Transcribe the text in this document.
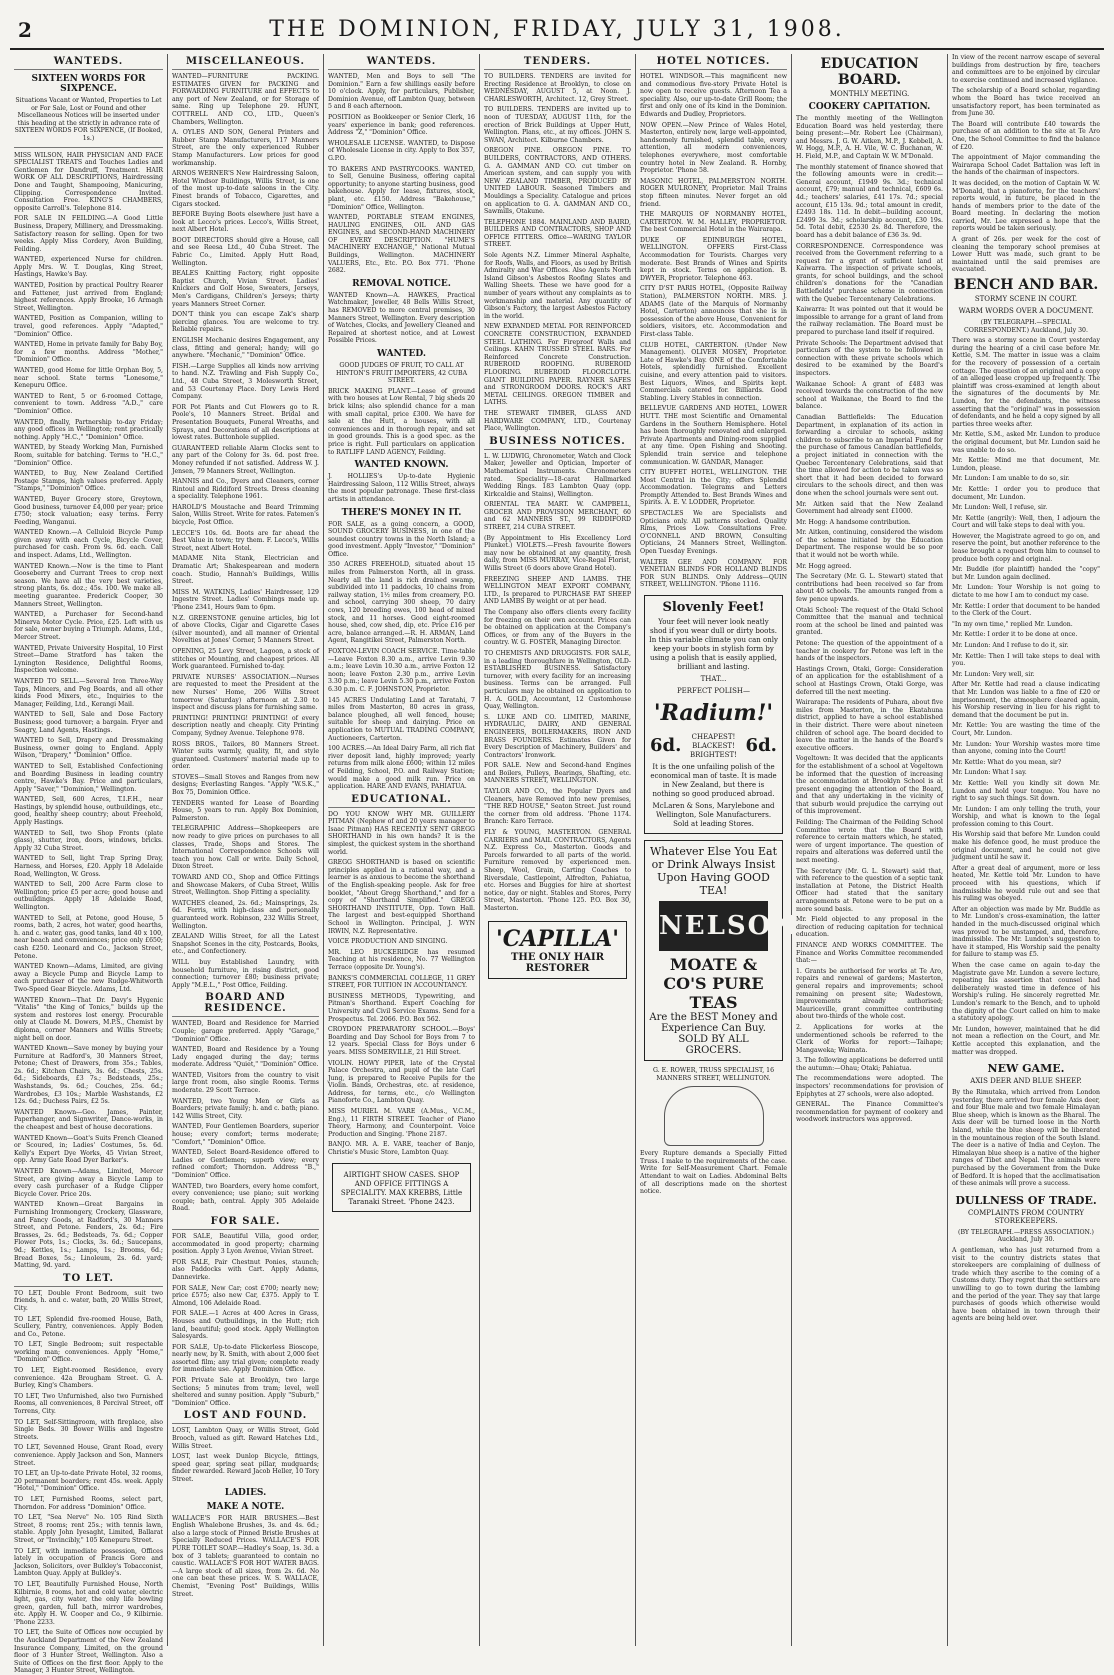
2	THE DOMINION, FRIDAY, JULY 31, 1908.
WANTEDS.
SIXTEEN WORDS FOR SIXPENCE.
Situations Vacant or Wanted, Properties to Let or For Sale, Lost or Found and other Miscellaneous Notices will be inserted under this heading at the strictly in advance rate of SIXTEEN WORDS FOR SIXPENCE, (If Booked, 1s.)
MISS WILSON, HAIR PHYSICIAN AND FACE SPECIALIST TREATS and Touches Ladies and Gentlemen for Dandruff, Treatment. HAIR WORK OF ALL DESCRIPTIONS, Hairdressing Done and Taught, Shampooing, Manicuring, Clipping. Correspondence Invited. Consultation Free. KING'S CHAMBERS, opposite Carroll's. Telephone 814.
FOR SALE IN FEILDING.—A Good Little Business, Drapery, Millinery, and Dressmaking. Satisfactory reason for selling. Open for two weeks. Apply Miss Cordery, Avon Building, Feilding.
WANTED, experienced Nurse for children. Apply Mrs. W. T. Douglas, King Street, Hastings, Hawke's Bay.
WANTED, Position by practical Poultry Rearer and Fattener, just arrived from England; highest references. Apply Brooke, 16 Armagh Street, Wellington.
WANTED, Position as Companion, willing to travel, good references. Apply "Adapted," "Dominion" Office.
WANTED, Home in private family for Baby Boy, for a few months. Address "Mother," "Dominion" Office.
WANTED, good Home for little Orphan Boy, 5, near school. State terms "Lonesome," Kenepuru Office.
WANTED to Rent, 5 or 6-roomed Cottage, convenient to town. Address "A.D.," care "Dominion" Office.
WANTED, finally, Partnership to-day Friday; any good offices in Wellington; rent practically nothing. Apply "H.C.," "Dominion" Office.
WANTED, by Steady Working Man, Furnished Room, suitable for batching. Terms to "H.C.," "Dominion" Office.
WANTED, to Buy, New Zealand Certified Postage Stamps, high values preferred. Apply "Stamps," "Dominion" Office.
WANTED, Buyer Grocery store, Greytown, Good business, turnover £4,000 per year; price £750; stock valuation; easy terms. Ferry Feeding, Wanganui.
WANTED Known.—A Celluloid Bicycle Pump given away with each Cycle, Bicycle Cover, purchased for cash. From 9s. 6d. each. Call and inspect. Adams, Ltd., Wellington.
WANTED Known.—Now is the time to Plant Gooseberry and Currant Trees to crop next season. We have all the very best varieties, strong plants, 6s. doz.; 45s. 100. We make all-meeting guarantee. Frederick Cooper, 30 Manners Street, Wellington.
WANTED, a Purchaser for Second-hand Minerva Motor Cycle. Price, £25. Left with us for sale, owner buying a Triumph. Adams, Ltd., Mercer Street.
WANTED, Private University Hospital, 10 First Street—Dame Stratford has taken the Lynington Residence, Delightful Rooms, Inspection welcome.
WANTED TO SELL.—Several Iron Three-Way Taps, Mincers, and Peg Boards, and all other kinds Food Mixers, etc., Inquiries to the Manager, Feilding, Ltd., Kerangi Mail.
WANTED to Sell, Sale and Dose Factory Business; good turnover; a bargain. Fryer and Seagry, Land Agents, Hastings.
WANTED to Sell, Drapery and Dressmaking Business, owner going to England. Apply Wilson, "Drapery," "Dominion" Office.
WANTED to Sell, Established Confectioning and Boarding Business in leading country centre, Hawke's Bay. Price and particulars, Apply "Saver," "Dominion," Wellington.
WANTED, Sell, 600 Acres, T.I.F.H., near Hastings, by splendid house, outbuildings, etc., good, healthy sheep country; about Freehold, Apply Hastings.
WANTED to Sell, two Shop Fronts (plate glass), shutter, iron, doors, windows, bricks. Apply 32 Cuba Street.
WANTED to Sell, light Trap Spring Dray, Harness, and Horses, £20. Apply 18 Adelaide Road, Wellington, W. Gross.
WANTED to Sell, 200 Acre Farm close to Wellington; price £5 per acre; good house and outbuildings. Apply 18 Adelaide Road, Wellington.
WANTED to Sell, at Petone, good House, 5 rooms, bath, 2 acres, hot water, good hearths, h. and c. water, gas, good tanks, land 40 x 100, near beach and conveniences; price only £650; cash £250. Leonard and Co., Jackson Street, Petone.
WANTED Known—Adams, Limited, are giving away a Bicycle Pump and Bicycle Lamp to each purchaser of the new Rudge-Whitworth Two-Speed Gear Bicycle. Adams, Ltd.
WANTED Known—That Dr. Davy's Hygenic "Vitalis" "the King of Tonics," builds up the system and restores lost energy. Procurable only at Claude M. Dowers, M.P.S., Chemist by diploma, corner Manners and Willis Streets; night bell on door.
WANTED Known—Save money by buying your Furniture at Radford's, 30 Manners Street, Petone; Chest of Drawers, from 35s.; Tables, 2s. 6d.; Kitchen Chairs, 3s. 6d.; Chests, 25s. 6d.; Sideboards, £3 7s.; Bedsteads, 25s.; Washstands, 9s. 6d.; Couches, 25s. 6d.; Wardrobes, £3 10s.; Marble Washstands, £2 12s. 6d.; Duchess Pairs, £2 5s.
WANTED Known—Geo. James, Painter, Paperhanger, and Signwriter, Dance-works, in the cheapest and best of house decorations.
WANTED Known—Goat's Suits French Cleaned or Scoured, in; Ladies' Costumes, 5s. 6d. Kelly's Expert Dye Works, 45 Vivian Street, opp. Army Gate Road Dyer Barker's.
WANTED Known—Adams, Limited, Mercer Street, are giving away a Bicycle Lamp to every cash purchaser of a Rudge Clipper Bicycle Cover. Price 20s.
WANTED Known—Great Bargains in Furnishing Ironmongery, Crockery, Glassware, and Fancy Goods, at Radford's, 30 Manners Street, and Petone. Fenders, 2s. 6d.; Fire Brasses, 2s. 6d.; Bedsteads, 7s. 6d.; Copper Flower Pots, 1s.; Clocks, 3s. 6d.; Saucepans, 9d.; Kettles, 1s.; Lamps, 1s.; Brooms, 6d.; Bread Boxes, 5s.; Linoleum, 2s. 6d. yard; Matting, 9d. yard.
TO LET.
TO LET, Double Front Bedroom, suit two friends, h. and c. water, bath, 20 Willis Street, City.
TO LET, Splendid five-roomed House, Bath, Scullery, Pantry, conveniences. Apply Boden and Co., Petone.
TO LET, Single Bedroom; suit respectable working man; conveniences. Apply "Home," "Dominion" Office.
TO LET, Eight-roomed Residence, every convenience. 42a Brougham Street. G. A. Burley, King's Chambers.
TO LET, Two Unfurnished, also two Furnished Rooms, all conveniences, 8 Percival Street, off Torrens, City.
TO LET, Self-Sittingroom, with fireplace, also Single Beds. 30 Bower Willis and Ingestre Streets.
TO LET, Sevenned House, Grant Road, every convenience. Apply Jackson and Son, Manners Street.
TO LET, an Up-to-date Private Hotel, 32 rooms, 20 permanent boarders; rent 45s. week. Apply "Hotel," "Dominion" Office.
TO LET, Furnished Rooms, select part, Thorndon. For address "Dominion" Office.
TO LET, "Sea Nerve" No. 105 Rind Sixth Street, 8 rooms; rent 25s.; with tennis lawn, stable. Apply John Iyesaght, Limited, Ballarat Street, or "Invincibly," 105 Kenepuru Street.
TO LET, with immediate possession, Offices lately in occupation of Francis Gore and Jackson, Solicitors, over Bulkley's Tobacconist, Lambton Quay. Apply at Bulkley's.
TO LET, Beautifully Furnished House, North Kilbirnie, 8 rooms, hot and cold water, electric light, gas, city water, the only life bowling green, garden, full bath, mirror wardrobes, etc. Apply H. W. Cooper and Co., 9 Kilbirnie. 'Phone 2233.
TO LET, the Suite of Offices now occupied by the Auckland Department of the New Zealand Insurance Company, Limited, on the ground floor of 3 Hunter Street, Wellington. Also a Suite of Offices on the first floor. Apply to the Manager, 3 Hunter Street, Wellington.
MISCELLANEOUS.
WANTED—FURNITURE PACKING. ESTIMATES GIVEN for PACKING and FORWARDING FURNITURE and EFFECTS to any port of New Zealand, or for Storage of same. Ring up Telephone 29. HUNT, COTTRELL AND CO., LTD., Queen's Chambers, Wellington.
A. OYLES AND SON, General Printers and Rubber Stamp Manufacturers, 117 Manners Street, are the only experienced Rubber Stamp Manufacturers. Low prices for good workmanship.
ARNOS WERNER'S New Hairdressing Saloon, Hotel Windsor Buildings, Willis Street, is one of the most up-to-date saloons in the City. Finest brands of Tobacco, Cigarettes, and Cigars stocked.
BEFORE Buying Boots elsewhere just have a look at Lecco's prices. Lecco's, Willis Street, next Albert Hotel.
BOOT DIRECTORS should give a House, call and see Reesa Ltd., 40 Cuba Street. The Fabric Co., Limited. Apply Hutt Road, Wellington.
BEALES Knitting Factory, right opposite Baptist Church, Vivian Street. Ladies' Knickers and Golf Hose, Sweaters, Jerseys, Men's Cardigans, Children's Jerseys; thirty years Manners Street Corner.
DON'T think you can escape Zak's sharp piercing glances. You are welcome to try. Reliable repairs.
ENGLISH Mechanic desires Engagement, any class, fitting and general; handy; will go anywhere. "Mechanic," "Dominion" Office.
FISH.—Large Supplies all kinds now arriving to hand. N.Z. Trawling and Fish Supply Co., Ltd., 48 Cuba Street, 3 Molesworth Street, and 53 Courtenay Place. Dory Lewis Herd Company.
FOR Pot Plants and Cut Flowers go to R. Poole's, 10 Manners Street. Bridal and Presentation Bouquets, Funeral Wreaths, and Sprays, and Decorations of all descriptions at lowest rates. Buttonhole supplied.
GUARANTEED reliable Alarm Clocks sent to any part of the Colony for 3s. 6d. post free. Money refunded if not satisfied. Address W. J. Jensen, 79 Manners Street, Wellington.
HANNIS and Co., Dyers and Cleaners, corner Rintoul and Riddiford Streets. Dress cleaning a speciality. Telephone 1961.
HAROLD'S Moustache and Beard Trimming Salon, Willis Street. Write for rates. Fatemen's bicycle, Post Office.
LECCE'S 10s. 6d. Boots are far ahead the Best Value in town; try them. F. Lecce's, Willis Street, next Albert Hotel.
MADAME Nita Stank, Electrician and Dramatic Art; Shakespearean and modern coach. Studio, Hannah's Buildings, Willis Street.
MISS M. WATKINS, Ladies' Hairdresser, 129 Ingestre Street. Ladies' Combings made up. 'Phone 2341, Hours 9am to 6pm.
N.Z. GREENSTONE genuine articles, big lot of above Clocks, Cigar and Cigarette Cases (silver mounted), and all manner of Oriental Novelties at Jones' Corner, 5 Manners Street.
OPENING, 25 Levy Street, Lagoon, a stock of stitches or Mounting, and cheapest prices. All Work guaranteed. Furnished to-day.
PRIVATE NURSES' ASSOCIATION.—Nurses are requested to meet the President at the new Nurses' Home, 206 Willis Street tomorrow (Saturday) afternoon at 2.30 to inspect and discuss plans for furnishing same.
PRINTING! PRINTING! PRINTING! of every description neatly and cheaply. City Printing Company, Sydney Avenue. Telephone 978.
ROSS BROS., Tailors, 80 Manners Street. Winter suits warmly, quality, fit, and style guaranteed. Customers' material made up to order.
STOVES—Small Stoves and Ranges from new designs; Everlasting Ranges. "Apply "W.S.K.," Box 75, Dominion Office.
TENDERS wanted for Lease of Boarding House, 5 years to run. Apply Box Dominion, Palmerston.
TELEGRAPHIC Address—Shopkeepers are now ready to give prices on purchases to all classes, Trade, Shops and Stores. The International Correspondence Schools will teach you how. Call or write. Daily School, Dixon Street.
TOWARD AND CO., Shop and Office Fittings and Showcase Makers, of Cuba Street, Willis Street, Wellington. Shop Fitting a speciality.
WATCHES cleaned, 2s. 6d.; Mainsprings, 2s. 6d. Ferris, with high-class and personally guaranteed work. Robinson, 232 Willis Street, Wellington.
ZEALAND Willis Street, for all the Latest Snapshot Scenes in the city, Postcards, Books, etc., and Confectionery.
WILL buy Established Laundry, with household furniture, in rising district, good connection; turnover £80; business private; Apply "M.E.L.," Post Office, Feilding.
BOARD AND RESIDENCE.
WANTED, Board and Residence for Married Couple; garage preferred. Apply "Garage," "Dominion" Office.
WANTED, Board and Residence by a Young Lady engaged during the day; terms moderate. Address "Quiet," "Dominion" Office.
WANTED, Visitors from the country to visit large front room, also single Rooms. Terms moderate. 29 Scott Terrace.
WANTED, two Young Men or Girls as Boarders; private family; h. and c. bath; piano. 142 Willis Street, City.
WANTED, Four Gentlemen Boarders, superior house; every comfort; terms moderate; "Comfort," "Dominion" Office.
WANTED, Select Board-Residence offered to Ladies or Gentlemen; superb view; every refined comfort; Thorndon. Address "B.," "Dominion" Office.
WANTED, two Boarders, every home comfort, every convenience; use piano; suit working couple; bath, central. Apply 305 Adelaide Road.
FOR SALE.
FOR SALE, Beautiful Villa, good order, accommodated in good property; charming position. Apply 3 Lyon Avenue, Vivian Street.
FOR SALE, Pair Chestnut Ponies, staunch; also Paddocks with Cart. Apply Adams, Dannevirke.
FOR SALE, New Car; cost £700; nearly new; price £575; also new Car, £375. Apply to T. Almond, 106 Adelaide Road.
FOR SALE.—1 Acres at 400 Acres in Grass, Houses and Outbuildings, in the Hutt; rich land, beautiful; good stock. Apply Wellington Salesyards.
FOR SALE, Up-to-date Flickerless Bioscope, nearly new, by R. Smith, with about 2,000 feet assorted film; any trial given; complete ready for immediate use. Apply Dominion Office.
FOR Private Sale at Brooklyn, two large Sections; 5 minutes from tram; level, well sheltered and sunny position. Apply "Suburb," "Dominion" Office.
LOST AND FOUND.
LOST, Lambton Quay, or Willis Street, Gold Brooch, valued as gift. Reward Hatches Ltd., Willis Street.
LOST, last week Dunlop Bicycle, fittings, speed gear, spring seat pillar, mudguards; finder rewarded. Reward Jacob Heller, 10 Tory Street.
LADIES.
MAKE A NOTE.
WALLACE'S FOR HAIR BRUSHES.—Best English Whalebone Brushes, 3s. and 4s. 6d.; also a large stock of Pinned Bristle Brushes at Specially Reduced Prices. WALLACE'S FOR PURE TOILET SOAP.—Hadley's Soap, 1s. 3d. a box of 3 tablets; guaranteed to contain no caustic. WALLACE'S FOR HOT WATER BAGS.—A large stock of all sizes, from 2s. 6d. No one can beat these prices. W. S. WALLACE, Chemist, "Evening Post" Buildings, Willis Street.
WANTEDS.
WANTED, Men and Boys to sell "The Dominion." Earn a few shillings easily before 10 o'clock. Apply, for particulars, Publisher, Dominion Avenue, off Lambton Quay, between 5 and 8 each afternoon.
POSITION as Bookkeeper or Senior Clerk, 16 years' experience in bank; good references. Address "Z," "Dominion" Office.
WHOLESALE LICENSE. WANTED, to Dispose of Wholesale License in city. Apply to Box 357, G.P.O.
TO BAKERS AND PASTRYCOOKS. WANTED, to Sell, Genuine Business, offering capital opportunity; to anyone starting business, good bakehouse. Apply for lease, fixtures, stock, plant, etc. £150. Address "Bakehouse," "Dominion" Office, Wellington.
WANTED, PORTABLE STEAM ENGINES, HAULING ENGINES, OIL AND GAS ENGINES, and SECOND-HAND MACHINERY OF EVERY DESCRIPTION. "HUME'S MACHINERY EXCHANGE," National Mutual Buildings, Wellington. MACHINERY VALUERS, Etc., Etc. P.O. Box 771. 'Phone 2682.
REMOVAL NOTICE.
WANTED Known—A. HAWKES, Practical Watchmaker, Jeweller, 48 Bells Willis Street, has REMOVED to more central premises, 30 Manners Street, Wellington. Every description of Watches, Clocks, and Jewellery Cleaned and Repaired at shortest notice, and at Lowest Possible Prices.
WANTED.
GOOD JUDGES OF FRUIT, TO CALL AT HINTON'S FRUIT IMPORTERS, 42 CUBA STREET.
BRICK MAKING PLANT.—Lease of ground with two houses at Low Rental, 7 big sheds 20 brick kilns; also splendid chance for a man with small capital, price £300. We have for sale at the Hutt, a houses, with all conveniences and in thorough repair, and set in good grounds. This is a good spec. as the price is right. Full particulars on application to RATLIFF LAND AGENCY, Feilding.
WANTED KNOWN.
J. HOLLIES's Up-to-date Hygienic Hairdressing Saloon, 112 Willis Street, always the most popular patronage. These first-class artists in attendance.
THERE'S MONEY IN IT.
FOR SALE, as a going concern, a GOOD, SOUND GROCERY BUSINESS, in one of the soundest country towns in the North Island; a good investment. Apply "Investor," "Dominion" Office.
350 ACRES FREEHOLD, situated about 15 miles from Palmerston North, all in grass. Nearly all the land is rich drained swamp, subdivided into 11 paddocks, 10 chains from railway station, 1½ miles from creamery, P.O. and school, carrying 300 sheep, 70 dairy cows, 120 breeding ewes, 100 head of mixed stock, and 11 horses. Good eight-roomed house, shed, cow shed, dip, etc. Price £16 per acre, balance arranged.—R. H. ARMAN, Land Agent, Rangitikei Street, Palmerston North.
FOXTON-LEVIN COACH SERVICE. Time-table—Leave Foxton 8.30 a.m., arrive Levin 9.30 a.m.; leave Levin 10.30 a.m., arrive Foxton 12 noon; leave Foxton 2.30 p.m., arrive Levin 3.30 p.m.; leave Levin 5.30 p.m., arrive Foxton 6.30 p.m. C. F. JOHNSTON, Proprietor.
145 ACRES Undulating Land at Taratahi, 7 miles from Masterton, 80 acres in grass, balance ploughed, all well fenced, house; suitable for sheep and dairying. Price on application to MUTUAL TRADING COMPANY, Auctioneers, Carterton.
100 ACRES.—An Ideal Dairy Farm, all rich flat river deposit land, highly improved; yearly returns from milk alone £600; within 12 miles of Feilding, School, P.O. and Railway Station; would make a good milk run. Price on application. HARE AND EVANS, PAHIATUA.
EDUCATIONAL.
DO YOU KNOW WHY MR. GUILLERY PITMAN (Nephew of and 20 years manager to Isaac Pitman) HAS RECENTLY SENT GREGG SHORTHAND in his own hands? It is the simplest, the quickest system in the shorthand world.
GREGG SHORTHAND is based on scientific principles applied in a rational way, and a learner is as anxious to become the shorthand of the English-speaking people. Ask for free booklet, "About Gregg Shorthand," and for a copy of "Shorthand Simplified." GREGG SHORTHAND INSTITUTE, Opp. Town Hall. The largest and best-equipped Shorthand School in Wellington. Principal, J. WYN IRWIN, N.Z. Representative.
VOICE PRODUCTION AND SINGING.
MR. LEO BUCKERIDGE has resumed Teaching at his residence, No. 77 Wellington Terrace (opposite Dr. Young's).
BANKS'S COMMERCIAL COLLEGE, 11 GREY STREET, FOR TUITION IN ACCOUNTANCY.
BUSINESS METHODS, Typewriting, and Pitman's Shorthand. Expert Coaching for University and Civil Service Exams. Send for a Prospectus. Tel. 2066. P.O. Box 562.
CROYDON PREPARATORY SCHOOL.—Boys' Boarding and Day School for Boys from 7 to 12 years. Special Class for Boys under 6 years. MISS SOMERVILLE, 21 Hill Street.
VIOLIN. HOWY PIPER, late of the Crystal Palace Orchestra, and pupil of the late Carl Jung, is prepared to Receive Pupils for the Violin. Bands, Orchestras, etc. at residence, Address, for terms, etc., c/o Wellington Pianoforte Co., Lambton Quay.
MISS MURIEL M. VARE (A.Mus., V.C.M., Eng.), 11 FIRTH STREET. Teacher of Piano Theory, Harmony, and Counterpoint. Voice Production and Singing. 'Phone 2187.
BANJO. MR. A. E. VARE, teacher of Banjo, Christie's Music Store, Lambton Quay.
AIRTIGHT SHOW CASES. SHOP AND OFFICE FITTINGS A SPECIALITY. MAX KREBBS, Little Taranaki Street. 'Phone 2423.
TENDERS.
TO BUILDERS. TENDERS are invited for Erecting Residence at Brooklyn, to close on WEDNESDAY, AUGUST 5, at Noon. J. CHARLESWORTH, Architect. 12, Grey Street.
TO BUILDERS. TENDERS are invited up to noon of TUESDAY, AUGUST 11th, for the erection of Brick Buildings at Upper Hutt, Wellington. Plans, etc., at my offices. JOHN S. SWAN, Architect. Kilburne Chambers.
OREGON PINE. OREGON PINE. TO BUILDERS, CONTRACTORS, AND OTHERS. G. A. GAMMAN AND CO. cut timber on American system, and can supply you with NEW ZEALAND TIMBER, PRODUCED BY UNITED LABOUR. Seasoned Timbers and Mouldings a Speciality. Catalogue and prices on application to G. A. GAMMAN AND CO., Sawmills, Otakune.
TELEPHONE 1884. MAINLAND AND BAIRD, BUILDERS AND CONTRACTORS, SHOP AND OFFICE FITTERS. Office—WARING TAYLOR STREET.
Sole Agents N.Z. Limmer Mineral Asphalte, for Roofs, Walls, and Floors, as used by British Admiralty and War Offices. Also Agents North Island Gibson's Asbestos Roofing Slates and Walling Sheets. These we have good for a number of years without any complaints as to workmanship and material. Any quantity of Gibson's Factory, the largest Asbestos Factory in the world.
NEW EXPANDED METAL FOR REINFORCED CONCRETE CONSTRUCTION, EXPANDED STEEL LATHING. For Fireproof Walls and Ceilings. KAHN TRUSSED STEEL BARS. For Reinforced Concrete Construction. RUBEROID ROOFING. RUBEROID FLOORING. RUBEROID FLOORCLOTH. GIANT BUILDING PAPER. RAYNER SAFES and STRONGROOM DOORS. ROCK'S ART METAL CEILINGS. OREGON TIMBER and LATHS.
THE STEWART TIMBER, GLASS AND HARDWARE COMPANY, LTD., Courtenay Place, Wellington.
BUSINESS NOTICES.
L. W. LUDWIG, Chronometer, Watch and Clock Maker, Jeweller and Optician, Importer of Mathematical Instruments. Chronometers rated. Speciality—18-carat Hallmarked Wedding Rings. 183 Lambton Quay (opp. Kirkcaldie and Stains), Wellington.
ORIENTAL TEA MART. W. CAMPBELL, GROCER AND PROVISION MERCHANT, 60 and 62 MANNERS ST., 99 RIDDIFORD STREET, 214 CUBA STREET.
(By Appointment to His Excellency Lord Plunket.) VIOLETS.—Fresh favourite flowers may now be obtained at any quantity, fresh daily, from MISS MURRAY, Vice-Regal Florist, Willis Street (6 doors above Grand Hotel).
FREEZING SHEEP AND LAMBS. THE WELLINGTON MEAT EXPORT COMPANY, LTD., Is prepared to PURCHASE FAT SHEEP AND LAMBS By weight or at per head.
The Company also offers clients every facility for freezing on their own account. Prices can be obtained on application at the Company's Offices, or from any of the Buyers in the country. W. G. FOSTER, Managing Director.
TO CHEMISTS AND DRUGGISTS. FOR SALE, in a leading thoroughfare in Wellington, OLD-ESTABLISHED BUSINESS. Satisfactory turnover, with every facility for an increasing business. Terms can be arranged. Full particulars may be obtained on application to H. A. GOLD, Accountant, 12 Customhouse Quay, Wellington.
S. LUKE AND CO. LIMITED, MARINE, HYDRAULIC, DAIRY, AND GENERAL ENGINEERS, BOILERMAKERS, IRON AND BRASS FOUNDERS. Estimates Given for Every Description of Machinery, Builders' and Contractors' Ironwork.
FOR SALE. New and Second-hand Engines and Boilers, Pulleys, Bearings, Shafting, etc. MANNERS STREET, WELLINGTON.
TAYLOR AND CO., the Popular Dyers and Cleaners, have Removed into new premises, "THE RED HOUSE," Seaton Street. Just round the corner from old address. 'Phone 1174. Branch: Karo Terrace.
FLY & YOUNG, MASTERTON. GENERAL CARRIERS and MAIL CONTRACTORS, Agents N.Z. Express Co., Masterton. Goods and Parcels forwarded to all parts of the world. Furniture removed by experienced men. Sheep, Wool, Grain, Carting Coaches to Riversdale, Castlepoint, Alfredton, Pahiatua, etc. Horses and Buggies for hire at shortest notice, day or night. Stables and Stores, Perry Street, Masterton. 'Phone 125. P.O. Box 30, Masterton.
'CAPILLA'
THE ONLY HAIR RESTORER
HOTEL NOTICES.
HOTEL WINDSOR.—This magnificent new and commodious five-story Private Hotel is now open to receive guests. Afternoon Tea a speciality. Also, our up-to-date Grill Room; the first and only one of its kind in the Dominion. Edwards and Dudley, Proprietors.
NOW OPEN.—New Prince of Wales Hotel, Masterton, entirely new, large well-appointed, handsomely furnished, splendid table, every attention, all modern conveniences, telephones everywhere, most comfortable country hotel in New Zealand. R. Hornby, Proprietor. 'Phone 58.
MASONIC HOTEL, PALMERSTON NORTH. ROGER MULRONEY, Proprietor. Mail Trains stop fifteen minutes. Never forget an old friend.
THE MARQUIS OF NORMANBY HOTEL, CARTERTON. W. M. HALLEY, PROPRIETOR. The best Commercial Hotel in the Wairarapa.
DUKE OF EDINBURGH HOTEL, WELLINGTON. OFFERS First-Class Accommodation for Tourists. Charges very moderate. Best Brands of Wines and Spirits kept in stock. Terms on application. B. DWYER, Proprietor. Telephone 463.
CITY D'ST PARIS HOTEL, (Opposite Railway Station), PALMERSTON NORTH. MRS. J. ADAMS (late of the Marquis of Normanby Hotel, Carterton) announces that she is in possession of the above House, Convenient for soldiers, visitors, etc. Accommodation and First-class Table.
CLUB HOTEL, CARTERTON. (Under New Management). OLIVER MOSEY, Proprietor. Late of Hawke's Bay. ONE of the Comfortable Hotels, splendidly furnished. Excellent cuisine, and every attention paid to visitors. Best Liquors, Wines, and Spirits kept. Commercials catered for. Billiards. Good Stabling. Livery Stables in connection.
BELLEVUE GARDENS AND HOTEL, LOWER HUTT. THE most Scientific and Ornamental Gardens in the Southern Hemisphere. Hotel has been thoroughly renovated and enlarged. Private Apartments and Dining-room supplied at any time. Open Fishing and Shooting. Splendid train service and telephone communication. W. GANDAR, Manager.
CITY BUFFET HOTEL, WELLINGTON. THE Most Central in the City; offers Splendid Accommodation. Telegrams and Letters Promptly Attended to. Best Brands Wines and Spirits. A. E. V. LODDER, Proprietor.
SPECTACLES We are Specialists and Opticians only. All patterns stocked. Quality Rims, Prices Low. Consultations Free. O'CONNELL AND BROWN, Consulting Opticians, 24 Manners Street, Wellington. Open Tuesday Evenings.
WALTER GEE AND COMPANY. FOR VENETIAN BLINDS FOR HOLLAND BLINDS FOR SUN BLINDS. Only Address—QUIN STREET, WELLINGTON. 'Phone 1116.
Slovenly Feet!
Your feet will never look neatly shod if you wear dull or dirty boots. In this variable climate you can only keep your boots in stylish form by using a polish that is easily applied, brilliant and lasting.
THAT...
PERFECT POLISH—
'Radium!'
6d.	CHEAPEST! BLACKEST! BRIGHTEST! 6d.
It is the one unfailing polish of the economical man of taste. It is made in New Zealand, but there is nothing so good produced abroad.
McLaren & Sons, Marylebone and Wellington, Sole Manufacturers. Sold at leading Stores.
Whatever Else You Eat or Drink Always Insist Upon Having GOOD TEA!
NELSON
MOATE & CO'S PURE TEAS
Are the BEST Money and Experience Can Buy.
SOLD BY ALL GROCERS.
G. E. ROWER, TRUSS SPECIALIST, 16 MANNERS STREET, WELLINGTON.
Every Rupture demands a Specially Fitted Truss. I make to the requirements of the case. Write for Self-Measurement Chart. Female Attendant to wait on Ladies. Abdominal Belts of all descriptions made on the shortest notice.
EDUCATION BOARD.
MONTHLY MEETING.
COOKERY CAPITATION.
The monthly meeting of the Wellington Education Board was held yesterday, there being present:—Mr. Robert Lee (Chairman), and Messrs. J. G. W. Aitken, M.P., J. Kebbell, A. W. Hogg, M.P., A. H. Vile, W. C. Buchanan, W. H. Field, M.P., and Captain W. W. M'Donald.
The monthly statement of finance showed that the following amounts were in credit:—General account, £1949 9s. 3d.; technical account, £79; manual and technical, £609 6s. 4d.; teachers' salaries, £41 17s. 7d.; special account, £15 13s. 9d.; total amount in credit, £2493 18s. 11d. In debit—building account, £2499 3s. 3d.; scholarship account, £30 19s. 5d. Total debit, £2530 2s. 8d. Therefore, the board has a debit balance of £36 3s. 9d.
CORRESPONDENCE. Correspondence was received from the Government referring to a request for a grant of sufficient land at Kaiwarra. The inspection of private schools, grants, for school buildings, and the school children's donations for the "Canadian Battlefields" purchase scheme in connection with the Quebec Tercentenary Celebrations.
Kaiwarra: It was pointed out that it would be impossible to arrange for a grant of land from the railway reclamation. The Board must be prepared to purchase land itself if required.
Private Schools: The Department advised that particulars of the system to be followed in connection with these private schools which desired to be examined by the Board's inspectors.
Waikanae School: A grant of £483 was received towards the construction of the new school at Waikanae, the Board to find the balance.
Canadian Battlefields: The Education Department, in explanation of its action in forwarding a circular to schools, asking children to subscribe to an Imperial Fund for the purchase of famous Canadian battlefields, a project initiated in connection with the Quebec Tercentenary Celebrations, said that the time allowed for action to be taken was so short that it had been decided to forward circulars to the schools direct, and then was done when the school journals were sent out.
Mr. Aitken said that the New Zealand Government had already sent £1000.
Mr. Hogg: A handsome contribution.
Mr. Aitken, continuing, considered the wisdom of the scheme initiated by the Education Department. The response would be so poor that it would not be worth while.
Mr. Hogg agreed.
The Secretary (Mr. G. L. Stewart) stated that contributions had been received so far from about 40 schools. The amounts ranged from a few pence upwards.
Otaki School: The request of the Otaki School Committee that the manual and technical room at the school be lined and painted was granted.
Petone: The question of the appointment of a teacher in cookery for Petone was left in the hands of the inspectors.
Hastings Crown, Otaki, Gorge: Consideration of an application for the establishment of a school at Hastings Crown, Otaki Gorge, was deferred till the next meeting.
Wairarapa: The residents of Puhara, about five miles from Masterton, in the Ekatahuna district, applied to have a school established in their district. There were about nineteen children of school age. The board decided to leave the matter in the hands of the Board's executive officers.
Vogeltown: It was decided that the applicants for the establishment of a school at Vogeltown be informed that the question of increasing the accommodation at Brooklyn School is at present engaging the attention of the Board, and that any undertaking in the vicinity of that suburb would prejudice the carrying out of this improvement.
Feilding: The Chairman of the Feilding School Committee wrote that the Board with reference to certain matters which, he stated, were of urgent importance. The question of repairs and alterations was deferred until the next meeting.
The Secretary (Mr. G. L. Stewart) said that, with reference to the question of a septic tank installation at Petone, the District Health Officer had stated that the sanitary arrangements at Petone were to be put on a more sound basis.
Mr. Field objected to any proposal in the direction of reducing capitation for technical education.
FINANCE AND WORKS COMMITTEE. The Finance and Works Committee recommended that:—
1. Grants be authorised for works at Te Aro, repairs and renewal of gardens; Masterton, general repairs and improvements; school remaining on present site; Wadestown, improvements already authorised; Mauriceville, grant committee contributing about two-thirds of the whole cost.
2. Applications for works at the undermentioned schools be referred to the Clerk of Works for report:—Taihape; Mangaweka; Waimata.
3. The following applications be deferred until the autumn:—Ohau; Otaki; Pahiatua.
The recommendations were adopted. The inspectors' recommendations for provision of Epiphytes at 27 schools, were also adopted.
GENERAL. The Finance Committee's recommendation for payment of cookery and woodwork instructors was approved.
In view of the recent narrow escape of several buildings from destruction by fire, teachers and committees are to be enjoined by circular to exercise continued and increased vigilance.
The scholarship of a Board scholar, regarding whom the Board has twice received an unsatisfactory report, has been terminated as from June 30.
The Board will contribute £40 towards the purchase of an addition to the site at Te Aro One, the School Committee to find the balance of £20.
The appointment of Major commanding the Wairarapa School Cadet Battalion was left in the hands of the chairman of inspectors.
It was decided, on the motion of Captain W. W. M'Donald, that a pianoforte, for the teachers' reports would, in future, be placed in the hands of members prior to the date of the Board meeting. In declaring the motion carried, Mr. Lee expressed a hope that the reports would be taken seriously.
A grant of 26s. per week for the cost of cleaning the temporary school premises at Lower Hutt was made, such grant to be maintained until the said premises are evacuated.
BENCH AND BAR.
STORMY SCENE IN COURT.
WARM WORDS OVER A DOCUMENT.
(BY TELEGRAPH.—SPECIAL CORRESPONDENT.) Auckland, July 30.
There was a stormy scene in Court yesterday during the hearing of a civil case before Mr. Kettle, S.M. The matter in issue was a claim for the recovery of possession of a certain cottage. The question of an original and a copy of an alleged lease cropped up frequently. The plaintiff was cross-examined at length about the signatures of the documents by Mr. Lundon, for the defendants, the witness asserting that the "original" was in possession of defendants, and he held a copy signed by all parties three weeks after.
Mr. Kettle, S.M., asked Mr. Lundon to produce the original document, but Mr. Lundon said he was unable to do so.
Mr. Kettle: Mind me that document, Mr. Lundon, please.
Mr. Lundon: I am unable to do so, sir.
Mr. Kettle: I order you to produce that document, Mr. Lundon.
Mr. Lundon: Well, I refuse, sir.
Mr. Kettle (angrily): Well, then, I adjourn the Court and will take steps to deal with you.
However, the Magistrate agreed to go on, and reserve the point, but another reference to the lease brought a request from him to counsel to produce both copy and original.
Mr. Buddle (for plaintiff) handed the "copy" but Mr. Lundon again declined.
Mr. Lundon: Your Worship is not going to dictate to me how I am to conduct my case.
Mr. Kettle: I order that document to be handed to the Clerk of the Court.
"In my own time," replied Mr. Lundon.
Mr. Kettle: I order it to be done at once.
Mr. Lundon: And I refuse to do it, sir.
Mr. Kettle: Then I will take steps to deal with you.
Mr. Lundon: Very well, sir.
After Mr. Kettle had read a clause indicating that Mr. Lundon was liable to a fine of £20 or imprisonment, the atmosphere cleared again, his Worship reserving in lieu for his right to demand that the document be put in.
Mr. Kettle: You are wasting the time of the Court, Mr. Lundon.
Mr. Lundon: Your Worship wastes more time than anyone, coming into the Court!
Mr. Kettle: What do you mean, sir?
Mr. Lundon: What I say.
Mr. Kettle: Well you kindly sit down Mr. Lundon and hold your tongue. You have no right to say such things. Sit down.
Mr. Lundon: I am only telling the truth, your Worship, and what is known to the legal profession coming to this Court.
His Worship said that before Mr. Lundon could make his defence good, he must produce the original document, and he could not give judgment until he saw it.
After a great deal of argument, more or less heated, Mr. Kettle told Mr. Lundon to have proceed with his questions, which if inadmissible he would rule out and see that his ruling was obeyed.
After an objection was made by Mr. Buddle as to Mr. Lundon's cross-examination, the latter handed in the much-discussed original which was proved to be unstamped, and, therefore, inadmissible. The Mr. Lundon's suggestion to have it stamped, His Worship said the penalty for failure to stamp was £5.
When the case came on again to-day the Magistrate gave Mr. Lundon a severe lecture, repeating his assertion that counsel had deliberately wasted time in defence of his Worship's ruling. He sincerely regretted Mr. Lundon's remark to the Bench, and to uphold the dignity of the Court called on him to make a statutory apology.
Mr. Lundon, however, maintained that he did not mean a reflection on the Court, and Mr. Kettle accepted this explanation, and the matter was dropped.
NEW GAME.
AXIS DEER AND BLUE SHEEP.
By the Rimutaka, which arrived from London yesterday, there arrived four female Axis deer, and four Blue male and two female Himalayan Blue sheep, which is known as the Bharal. The Axis deer will be turned loose in the North Island, while the blue sheep will be liberated in the mountainous region of the South Island. The deer is a native of India and Ceylon. The Himalayan blue sheep is a native of the higher ranges of Tibet and Nepal. The animals were purchased by the Government from the Duke of Bedford. It is hoped that the acclimatisation of these animals will prove a success.
DULLNESS OF TRADE.
COMPLAINTS FROM COUNTRY STOREKEEPERS.
(BY TELEGRAPH.—PRESS ASSOCIATION.) Auckland, July 30.
A gentleman, who has just returned from a visit to the country districts states that storekeepers are complaining of dullness of trade which they ascribe to the coming of a Customs duty. They regret that the settlers are unwilling to go to town during the lambing and the period of the year. They say that large purchases of goods which otherwise would have been obtained in town through their agents are being held over.
